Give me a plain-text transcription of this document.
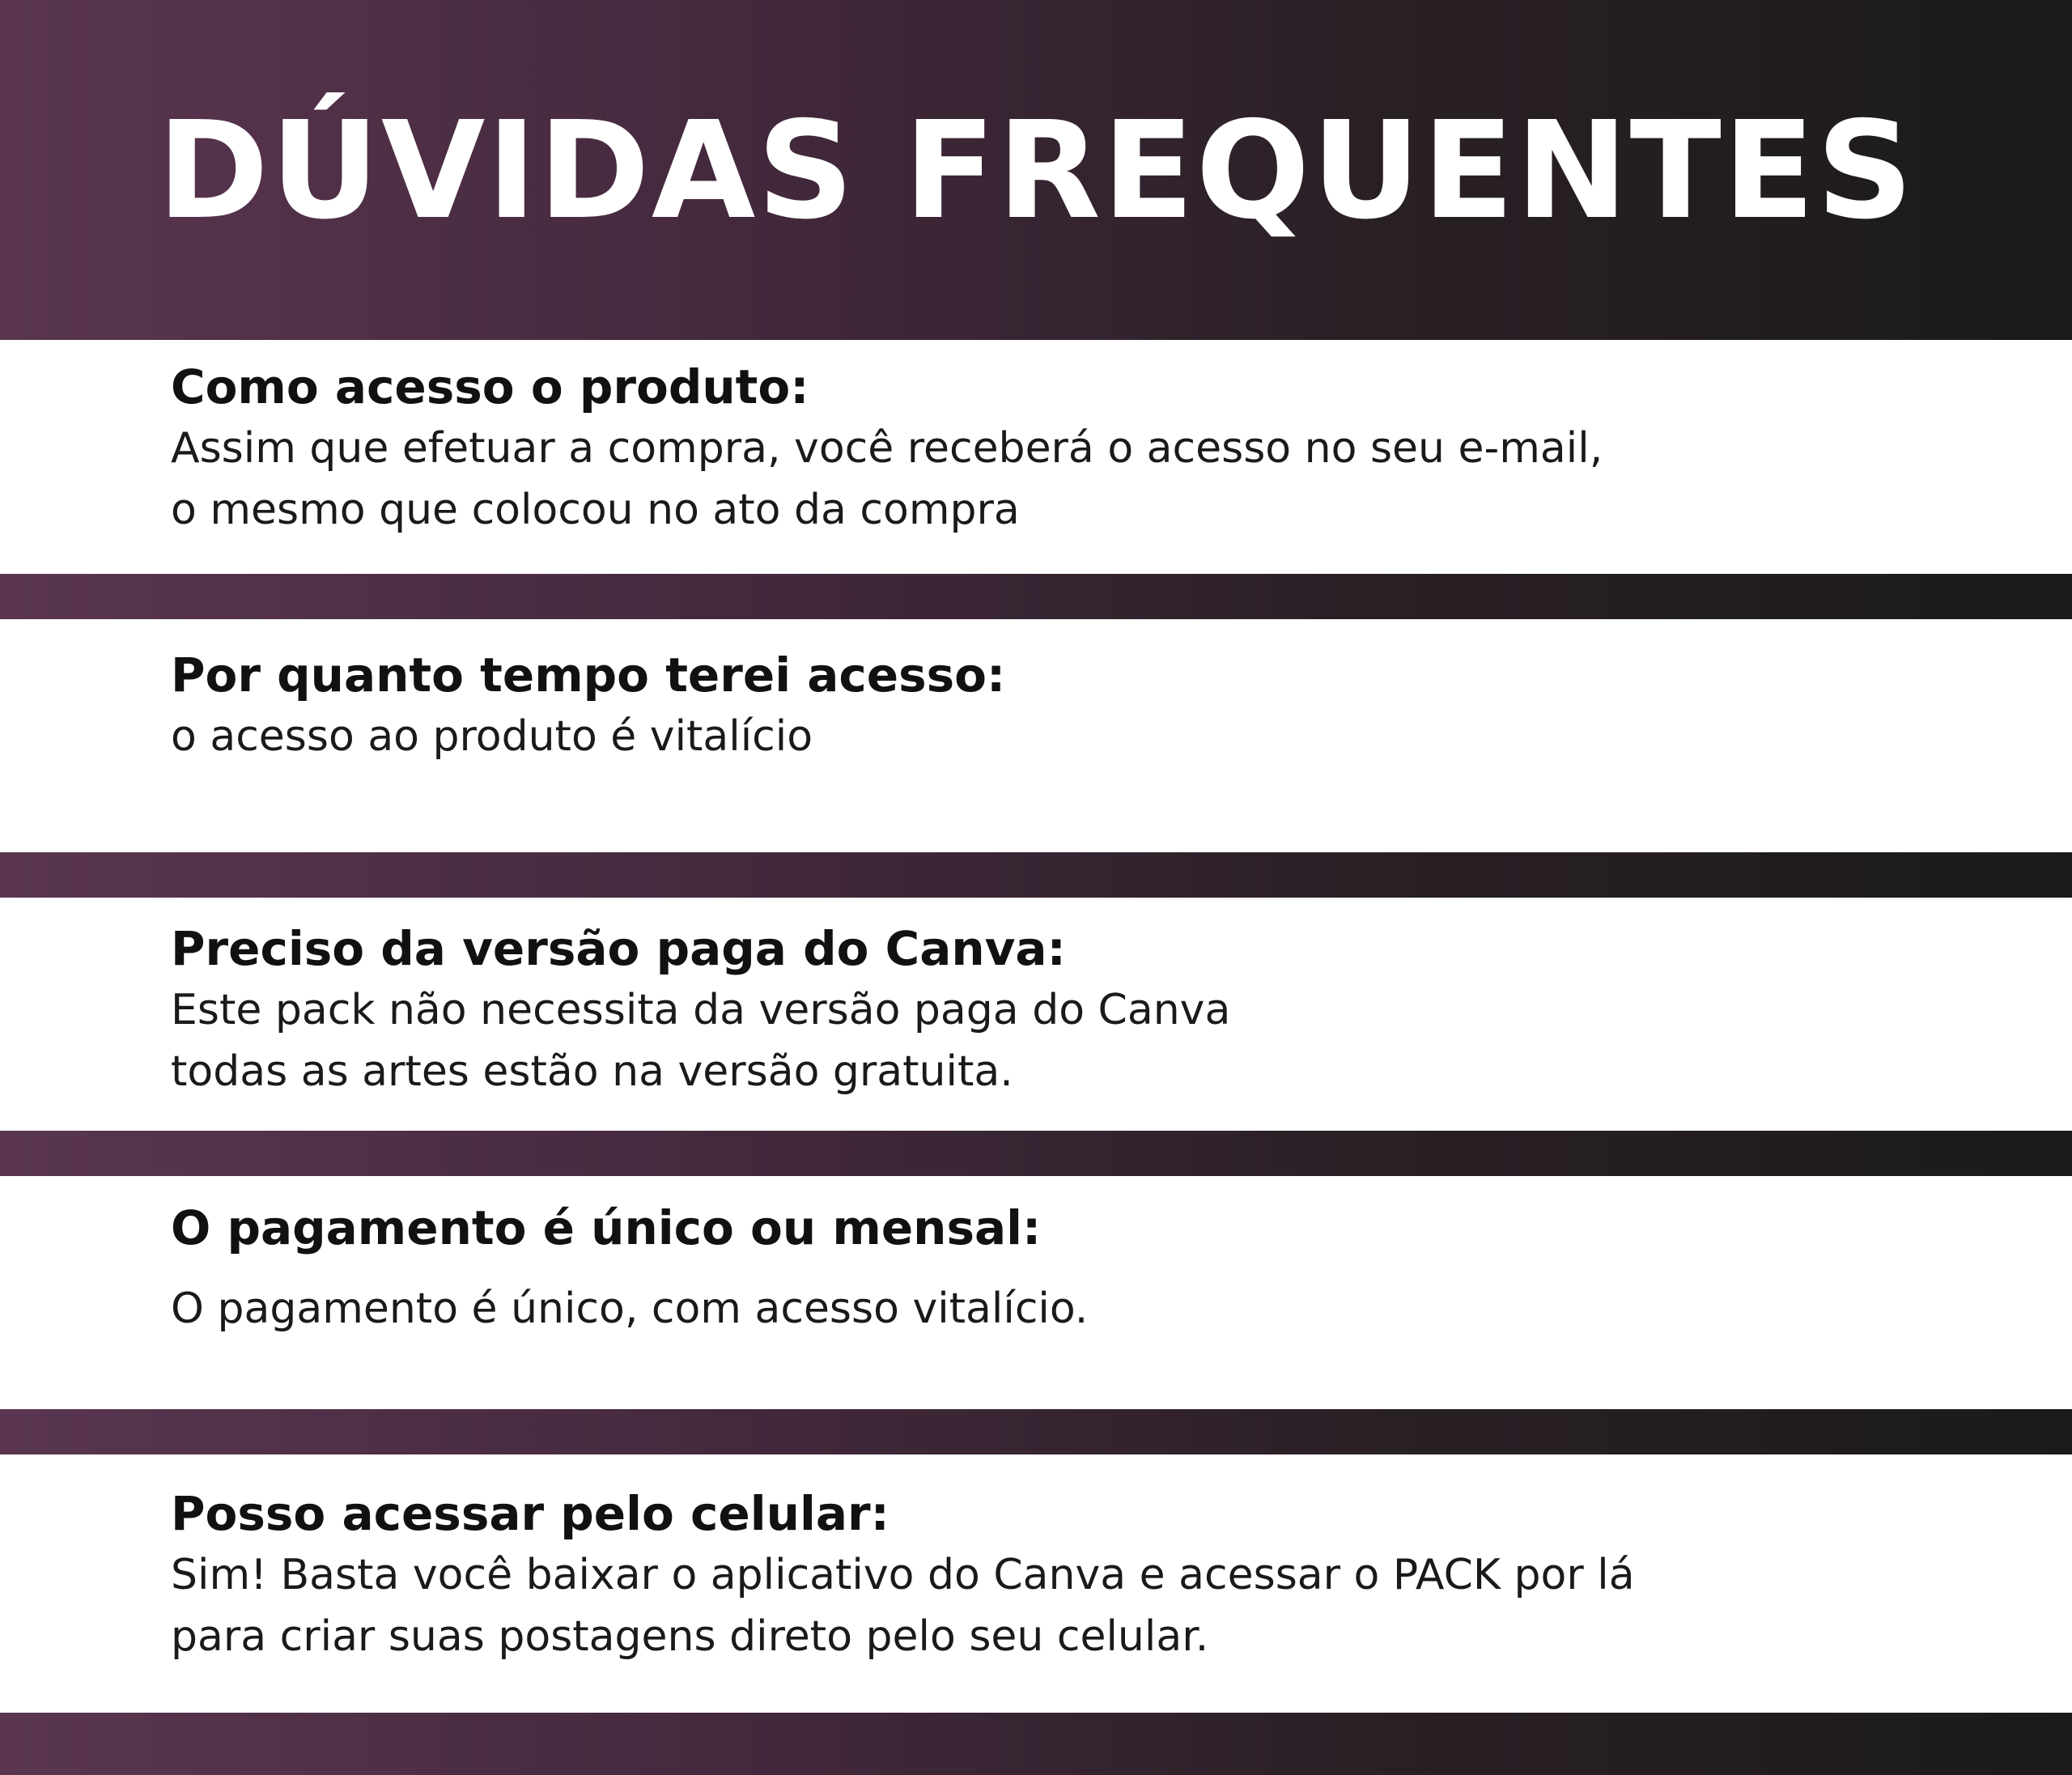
DÚVIDAS FREQUENTES

Como acesso o produto:

Assim que efetuar a compra, você receberá o acesso no seu e-mail,

o mesmo que colocou no ato da compra

Por quanto tempo terei acesso:

o acesso ao produto é vitalício

Preciso da versão paga do Canva:

Este pack não necessita da versão paga do Canva

todas as artes estão na versão gratuita.

O pagamento é único ou mensal:

O pagamento é único, com acesso vitalício.

Posso acessar pelo celular:

Sim! Basta você baixar o aplicativo do Canva e acessar o PACK por lá

para criar suas postagens direto pelo seu celular.
